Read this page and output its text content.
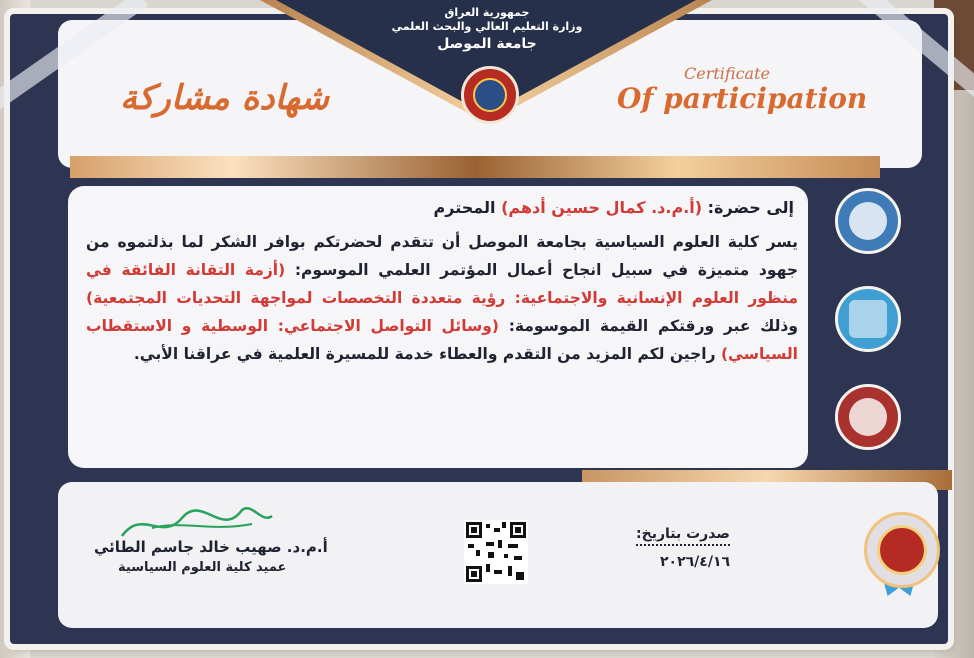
جمهورية العراق
وزارة التعليم العالي والبحث العلمي
جامعة الموصل
شهادة مشاركة
Certificate
Of participation
إلى حضرة: (أ.م.د. كمال حسين أدهم) المحترم
يسر كلية العلوم السياسية بجامعة الموصل أن تتقدم لحضرتكم بوافر الشكر لما بذلتموه من جهود متميزة في سبيل انجاح أعمال المؤتمر العلمي الموسوم: (أزمة التقانة الفائقة في منظور العلوم الإنسانية والاجتماعية: رؤية متعددة التخصصات لمواجهة التحديات المجتمعية) وذلك عبر ورقتكم القيمة الموسومة: (وسائل التواصل الاجتماعي: الوسطية و الاستقطاب السياسي) راجين لكم المزيد من التقدم والعطاء خدمة للمسيرة العلمية في عراقنا الأبي.
أ.م.د. صهيب خالد جاسم الطائي
عميد كلية العلوم السياسية
صدرت بتاريخ:
٢٠٢٦/٤/١٦
